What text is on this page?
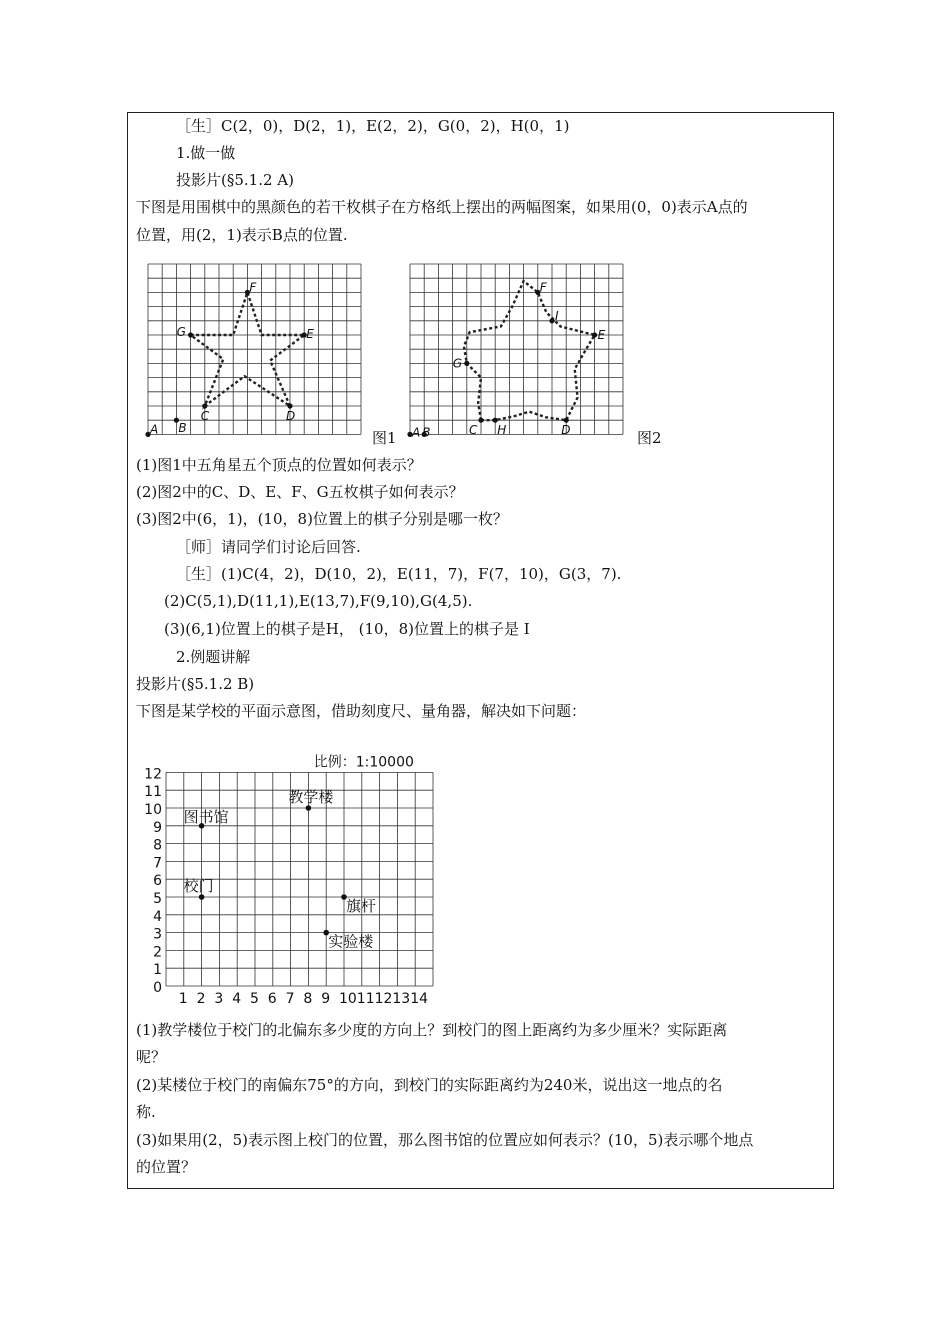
［生］C(2，0)，D(2，1)，E(2，2)，G(0，2)，H(0，1)
1.做一做
投影片(§5.1.2 A)
下图是用围棋中的黑颜色的若干枚棋子在方格纸上摆出的两幅图案，如果用(0，0)表示A点的
位置，用(2，1)表示B点的位置.
A B
C	D
E
F
G
图1 A B	C H	D
E
F
G
I
图2
(1)图1中五角星五个顶点的位置如何表示？
(2)图2中的C、D、E、F、G五枚棋子如何表示？
(3)图2中(6，1)，(10，8)位置上的棋子分别是哪一枚？
［师］请同学们讨论后回答.
［生］(1)C(4，2)，D(10，2)，E(11，7)，F(7，10)，G(3，7).
(2)C(5,1),D(11,1),E(13,7),F(9,10),G(4,5).
(3)(6,1)位置上的棋子是H， (10，8)位置上的棋子是 I
2.例题讲解
投影片(§5.1.2 B)
下图是某学校的平面示意图，借助刻度尺、量角器，解决如下问题：
比例：1:10000
1 2 3 4 5 6 7 8 9 10 11 12 13 14
0
1
2
3
4
5
6
7
8
9
10
11
12
图书馆
教学楼
校门
旗杆
实验楼
(1)教学楼位于校门的北偏东多少度的方向上？到校门的图上距离约为多少厘米？实际距离
呢？
(2)某楼位于校门的南偏东75°的方向，到校门的实际距离约为240米，说出这一地点的名
称.
(3)如果用(2，5)表示图上校门的位置，那么图书馆的位置应如何表示？(10，5)表示哪个地点
的位置？
